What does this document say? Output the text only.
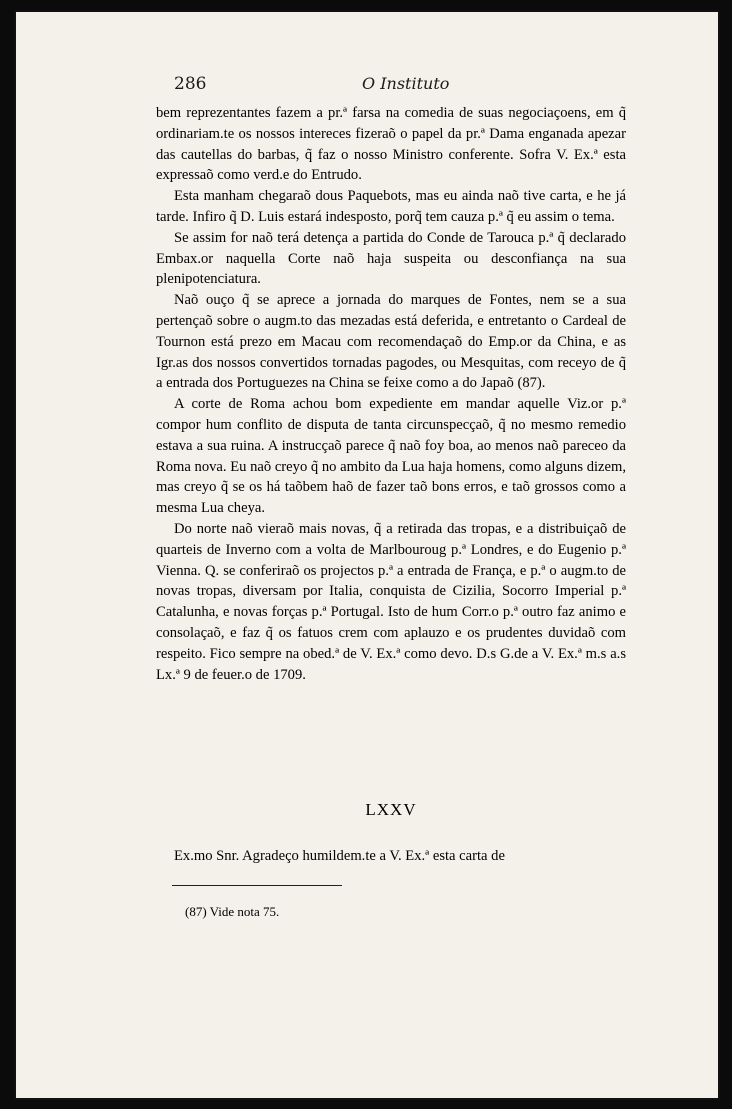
286	O Instituto

bem reprezentantes fazem a pr.ª farsa na comedia de suas negociaçoens, em q̃ ordinariam.te os nossos intereces fizeraõ o papel da pr.ª Dama enganada apezar das cautellas do barbas, q̃ faz o nosso Ministro conferente. Sofra V. Ex.ª esta expressaõ como verd.e do Entrudo.

Esta manham chegaraõ dous Paquebots, mas eu ainda naõ tive carta, e he já tarde. Infiro q̃ D. Luis estará indesposto, porq̃ tem cauza p.ª q̃ eu assim o tema.

Se assim for naõ terá detença a partida do Conde de Tarouca p.ª q̃ declarado Embax.or naquella Corte naõ haja suspeita ou desconfiança na sua plenipotenciatura.

Naõ ouço q̃ se aprece a jornada do marques de Fontes, nem se a sua pertençaõ sobre o augm.to das mezadas está deferida, e entretanto o Cardeal de Tournon está prezo em Macau com recomendaçaõ do Emp.or da China, e as Igr.as dos nossos convertidos tornadas pagodes, ou Mesquitas, com receyo de q̃ a entrada dos Portuguezes na China se feixe como a do Japaõ (87).

A corte de Roma achou bom expediente em mandar aquelle Viz.or p.ª compor hum conflito de disputa de tanta circunspecçaõ, q̃ no mesmo remedio estava a sua ruina. A instrucçaõ parece q̃ naõ foy boa, ao menos naõ pareceo da Roma nova. Eu naõ creyo q̃ no ambito da Lua haja homens, como alguns dizem, mas creyo q̃ se os há taõbem haõ de fazer taõ bons erros, e taõ grossos como a mesma Lua cheya.

Do norte naõ vieraõ mais novas, q̃ a retirada das tropas, e a distribuiçaõ de quarteis de Inverno com a volta de Marlbouroug p.ª Londres, e do Eugenio p.ª Vienna. Q. se conferiraõ os projectos p.ª a entrada de França, e p.ª o augm.to de novas tropas, diversam por Italia, conquista de Cizilia, Socorro Imperial p.ª Catalunha, e novas forças p.ª Portugal. Isto de hum Corr.o p.ª outro faz animo e consolaçaõ, e faz q̃ os fatuos crem com aplauzo e os prudentes duvidaõ com respeito. Fico sempre na obed.ª de V. Ex.ª como devo. D.s G.de a V. Ex.ª m.s a.s Lx.ª 9 de feuer.o de 1709.

LXXV
Ex.mo Snr. Agradeço humildem.te a V. Ex.ª esta carta de
(87) Vide nota 75.
